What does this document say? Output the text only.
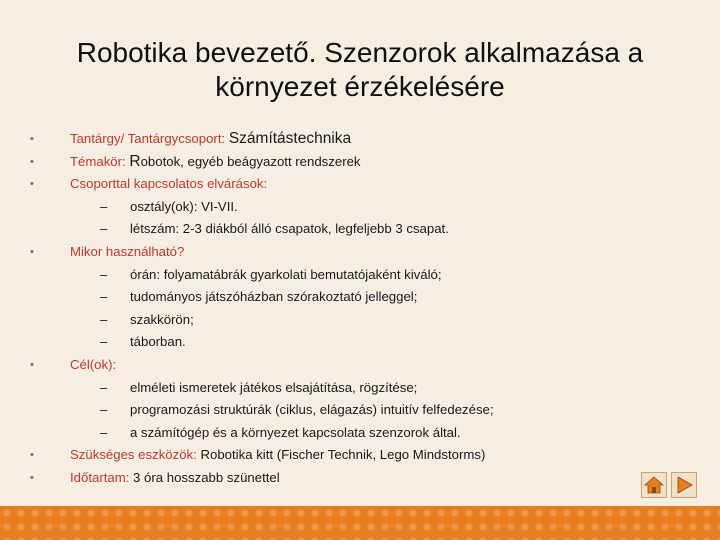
Robotika bevezető. Szenzorok alkalmazása a
környezet érzékelésére
•	Tantárgy/ Tantárgycsoport: Számítástechnika
•	Témakör: Robotok, egyéb beágyazott rendszerek
•	Csoporttal kapcsolatos elvárások:
– osztály(ok): VI-VII.
– létszám: 2-3 diákból álló csapatok, legfeljebb 3 csapat.
•	Mikor használható?
– órán: folyamatábrák gyarkolati bemutatójaként kiváló;
– tudományos játszóházban szórakoztató jelleggel;
– szakkörön;
– táborban.
•	Cél(ok):
– elméleti ismeretek játékos elsajátítása, rögzítése;
– programozási struktúrák (ciklus, elágazás) intuitív felfedezése;
– a számítógép és a környezet kapcsolata szenzorok által.
•	Szükséges eszközök: Robotika kitt (Fischer Technik, Lego Mindstorms)
•	Időtartam: 3 óra hosszabb szünettel
